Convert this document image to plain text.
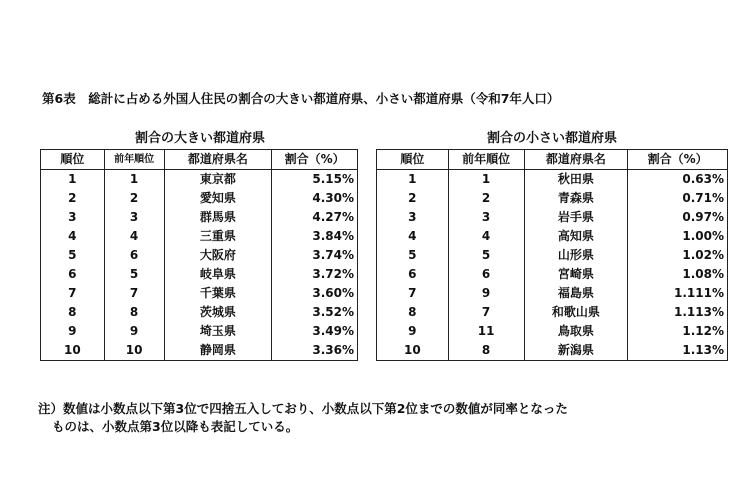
第6表　総計に占める外国人住民の割合の大きい都道府県、小さい都道府県（令和7年人口）
割合の大きい都道府県	割合の小さい都道府県
順位	前年順位	都道府県名	割合（%）
1	1	東京都	5.15%
2	2	愛知県	4.30%
3	3	群馬県	4.27%
4	4	三重県	3.84%
5	6	大阪府	3.74%
6	5	岐阜県	3.72%
7	7	千葉県	3.60%
8	8	茨城県	3.52%
9	9	埼玉県	3.49%
10	10	静岡県	3.36%
順位	前年順位	都道府県名	割合（%）
1	1	秋田県	0.63%
2	2	青森県	0.71%
3	3	岩手県	0.97%
4	4	高知県	1.00%
5	5	山形県	1.02%
6	6	宮崎県	1.08%
7	9	福島県	1.111%
8	7	和歌山県	1.113%
9	11	鳥取県	1.12%
10	8	新潟県	1.13%
注）数値は小数点以下第3位で四捨五入しており、小数点以下第2位までの数値が同率となった
ものは、小数点第3位以降も表記している。
